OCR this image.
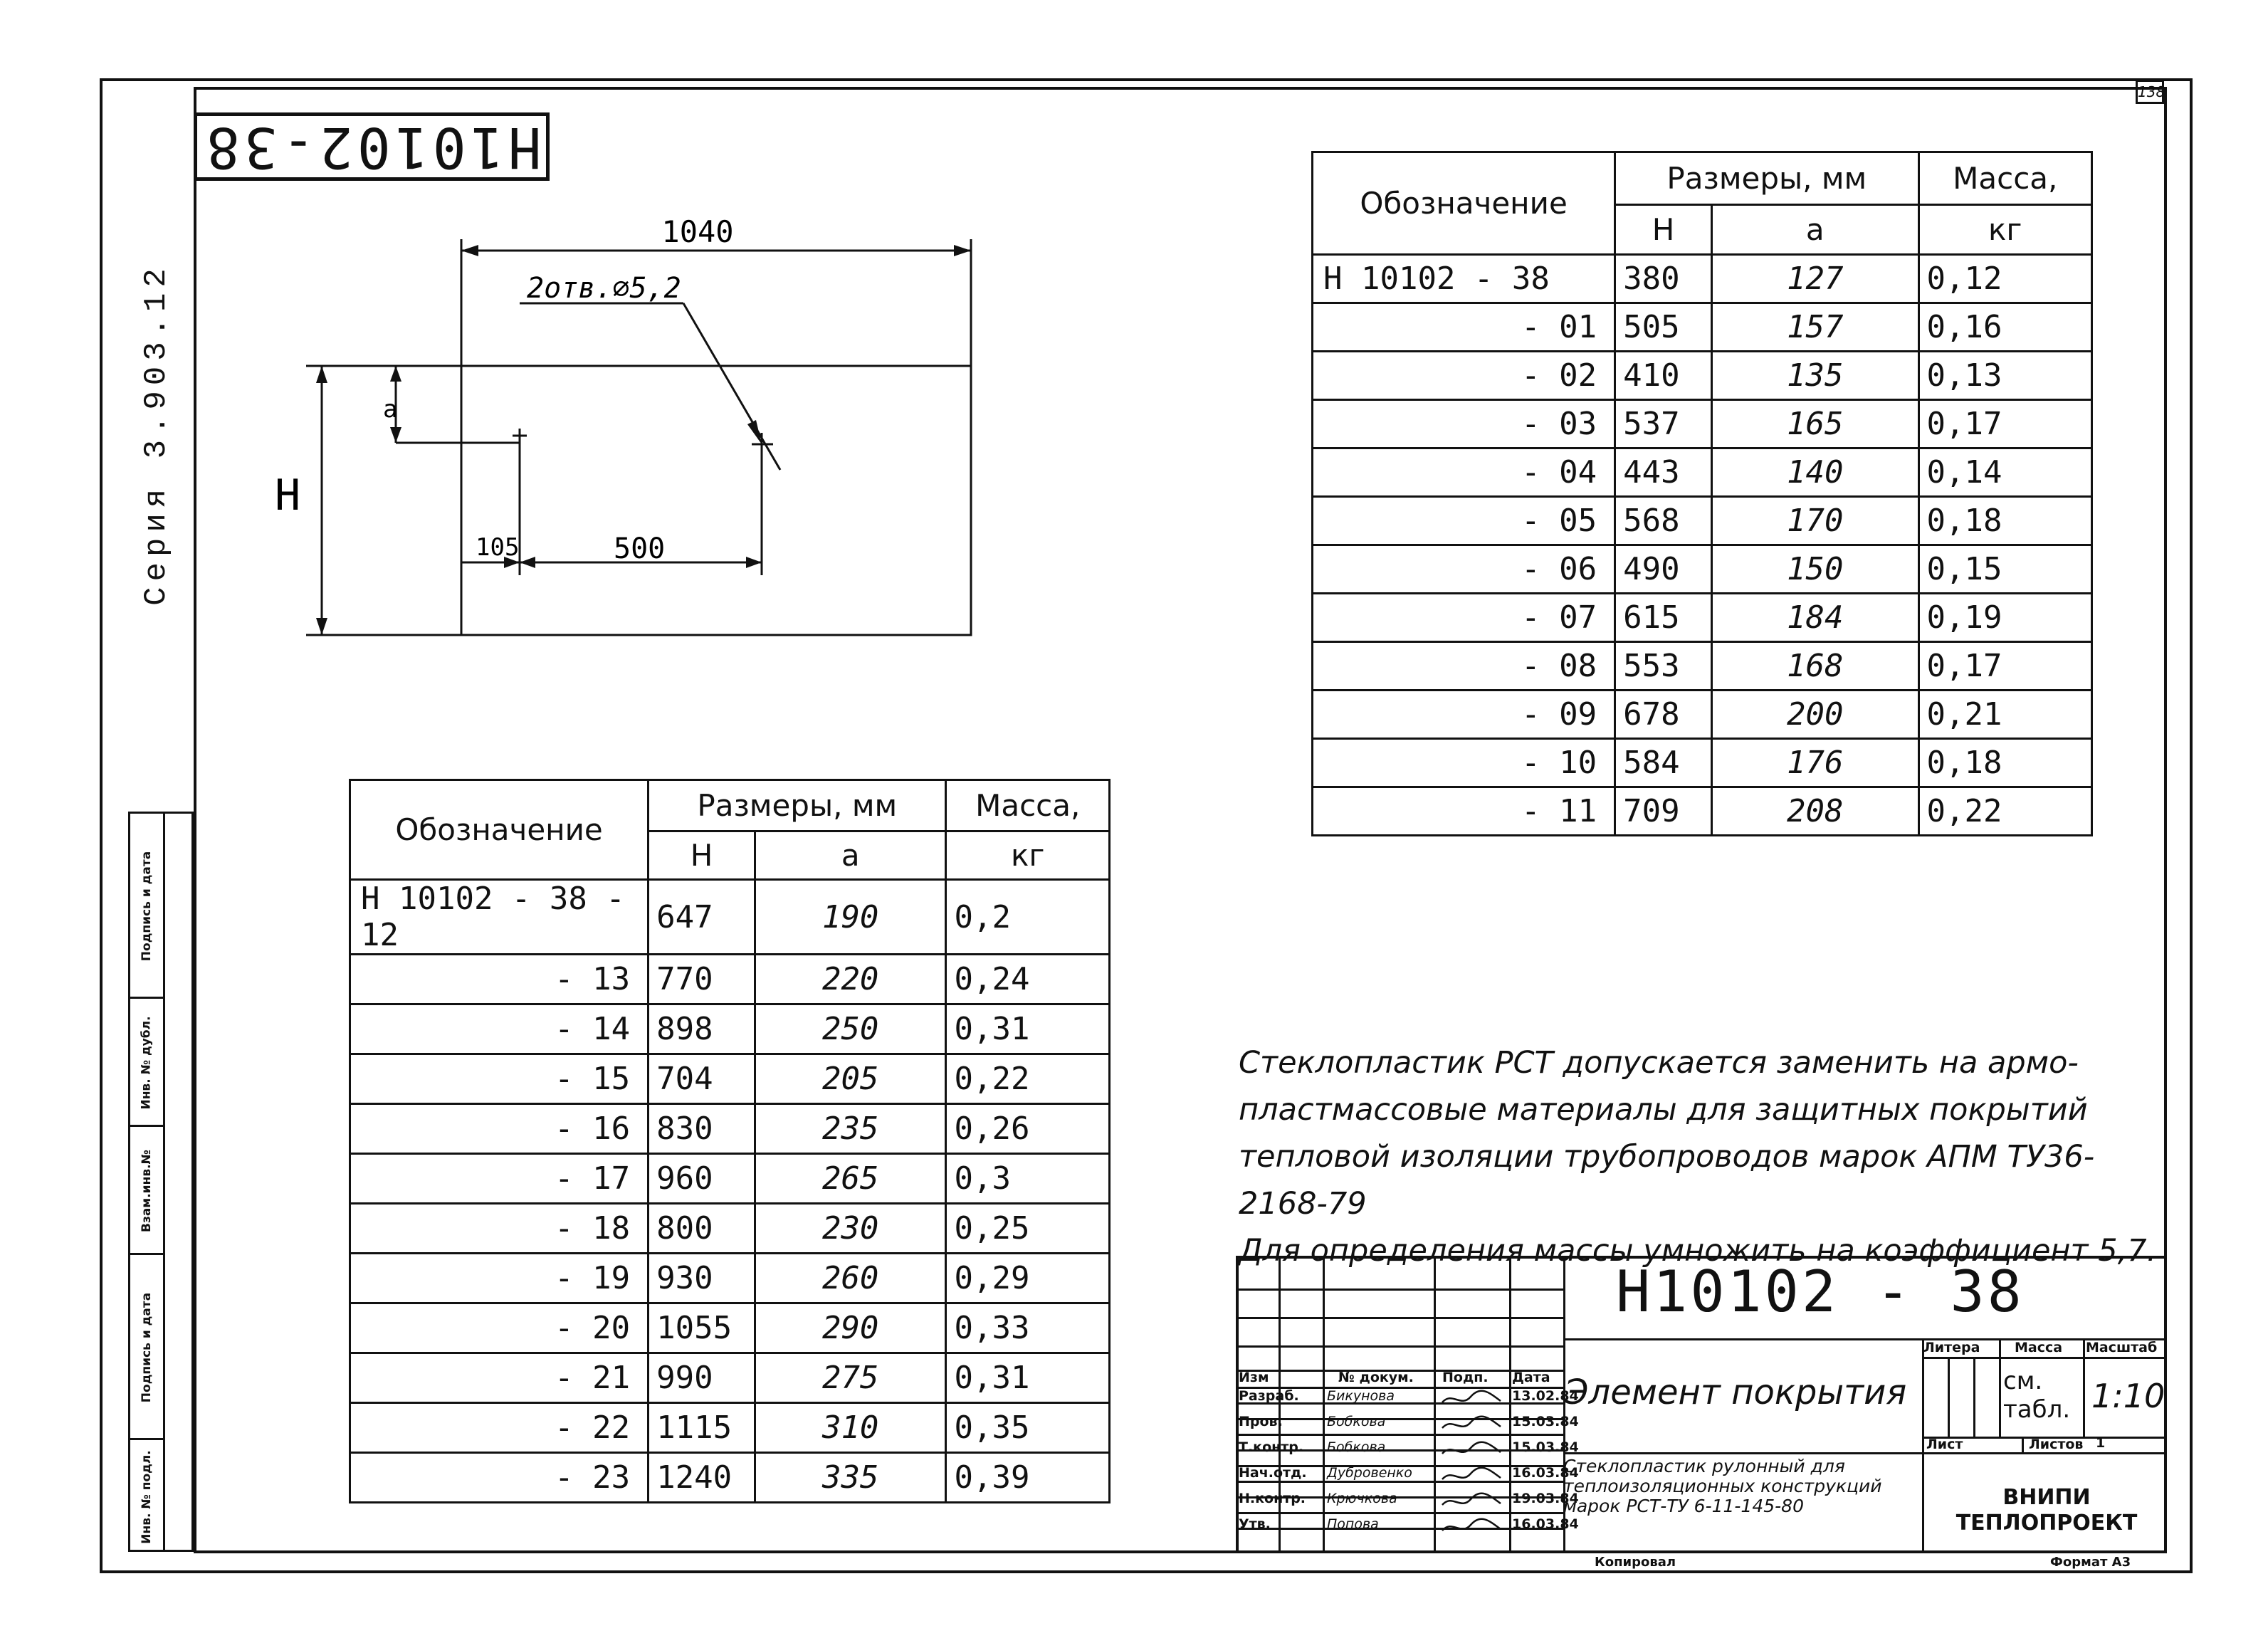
138
Н10102-38
Серия 3.903.12
Подпись и дата
Инв. № дубл.
Взам.инв.№
Подпись и дата
Инв. № подл.
1040
2отв.⌀5,2
а
Н
105	500
Обозначение	Размеры, мм		Масса,
	Н	а	кг
Н 10102 - 38	380	127	0,12
- 01	505	157	0,16
- 02	410	135	0,13
- 03	537	165	0,17
- 04	443	140	0,14
- 05	568	170	0,18
- 06	490	150	0,15
- 07	615	184	0,19
- 08	553	168	0,17
- 09	678	200	0,21
- 10	584	176	0,18
- 11	709	208	0,22
Обозначение	Размеры, мм		Масса,
	Н	а	кг
Н 10102 - 38 - 12	647	190	0,2
- 13	770	220	0,24
- 14	898	250	0,31
- 15	704	205	0,22
- 16	830	235	0,26
- 17	960	265	0,3
- 18	800	230	0,25
- 19	930	260	0,29
- 20	1055	290	0,33
- 21	990	275	0,31
- 22	1115	310	0,35
- 23	1240	335	0,39
Стеклопластик РСТ допускается заменить на армо-
пластмассовые материалы для защитных покрытий
тепловой изоляции трубопроводов марок АПМ ТУ36-2168-79
Для определения массы умножить на коэффициент 5,7.
Изм	№ докум. Подп. Дата
Разраб. Бикунова	13.02.84
Пров.	Бобкова	15.03.84
Т.контр. Бобкова	15.03.84
Нач.отд. Дубровенко	16.03.84
Н.контр. Крючкова	19.03.84
Утв.	Попова	16.03.84
Н10102 - 38
Элемент покрытия
Стеклопластик рулонный для
теплоизоляционных конструкций
марок РСТ-ТУ 6-11-145-80
Литера	Масса Масштаб
см. табл. 1:10
Лист	Листов 1
ВНИПИ
ТЕПЛОПРОЕКТ
Копировал	Формат А3
